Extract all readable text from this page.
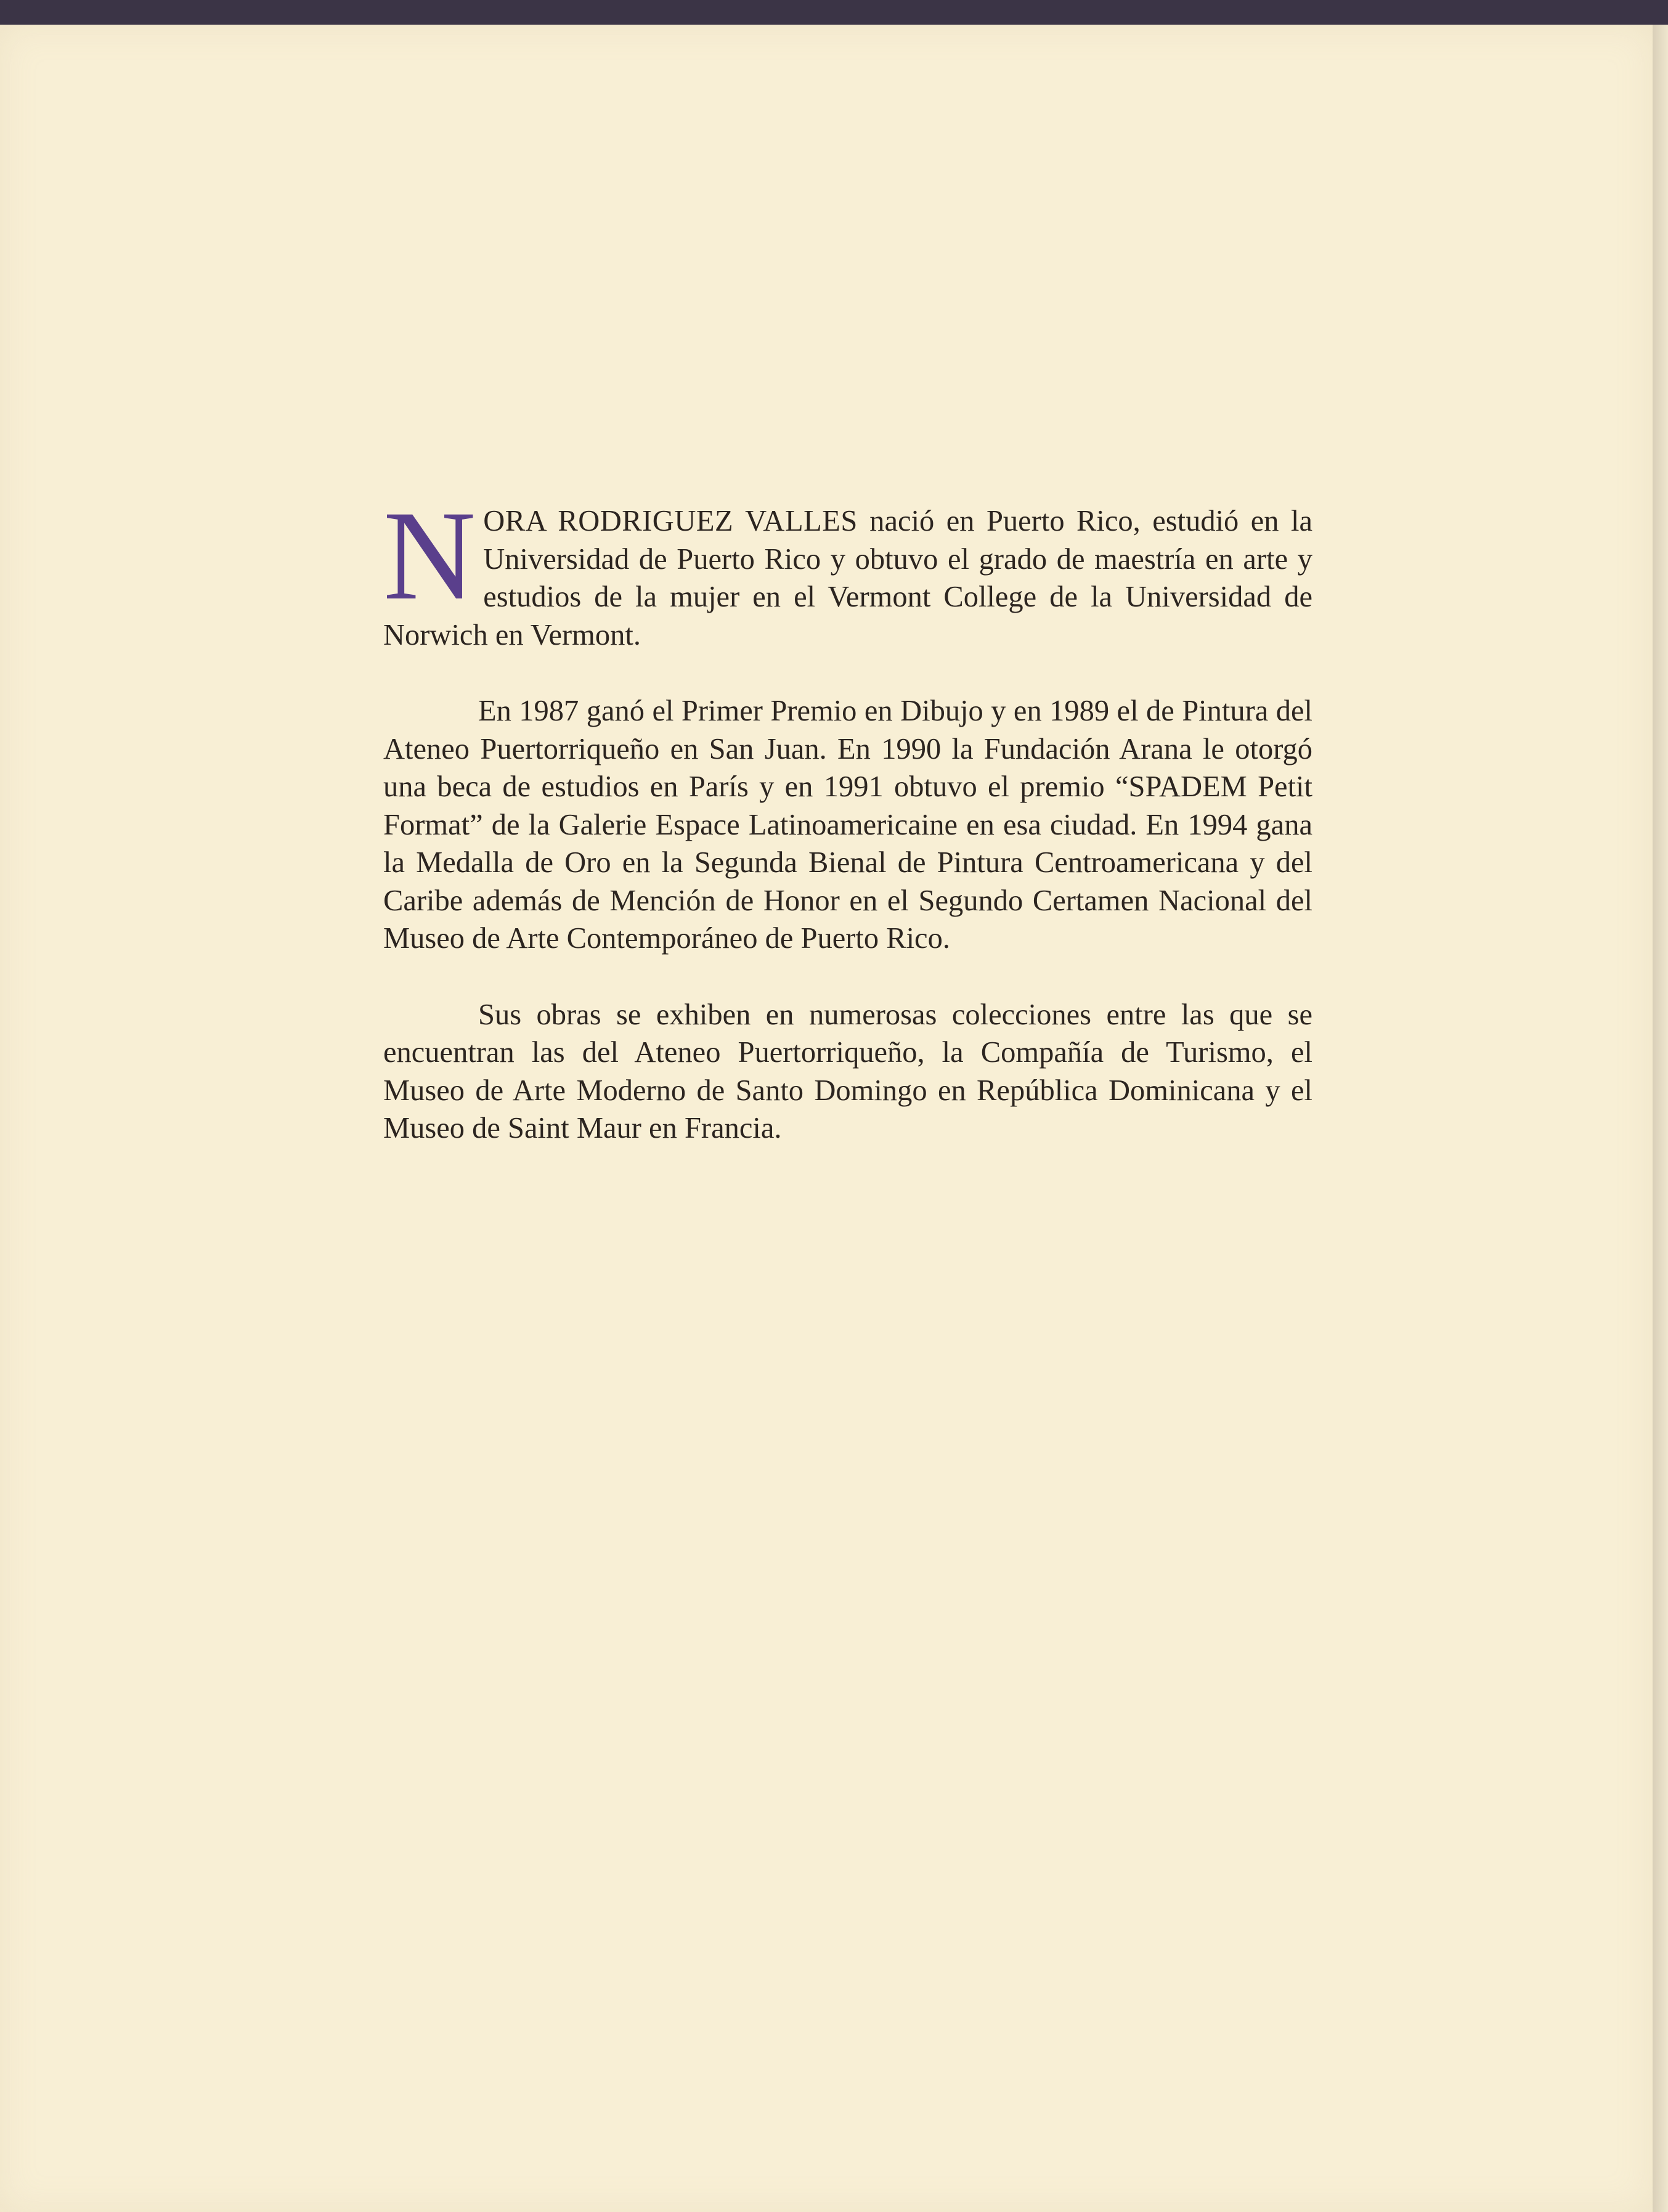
NORA RODRIGUEZ VALLES nació en Puerto Rico, estudió en la Universidad de Puerto Rico y obtuvo el grado de maestría en arte y estudios de la mujer en el Vermont College de la Universidad de Norwich en Vermont.

En 1987 ganó el Primer Premio en Dibujo y en 1989 el de Pintura del Ateneo Puertorriqueño en San Juan. En 1990 la Fundación Arana le otorgó una beca de estudios en París y en 1991 obtuvo el premio “SPADEM Petit Format” de la Galerie Espace Latinoamericaine en esa ciudad. En 1994 gana la Medalla de Oro en la Segunda Bienal de Pintura Centroamericana y del Caribe además de Mención de Honor en el Segundo Certamen Nacional del Museo de Arte Contemporáneo de Puerto Rico.

Sus obras se exhiben en numerosas colecciones entre las que se encuentran las del Ateneo Puertorriqueño, la Compañía de Turismo, el Museo de Arte Moderno de Santo Domingo en República Dominicana y el Museo de Saint Maur en Francia.
